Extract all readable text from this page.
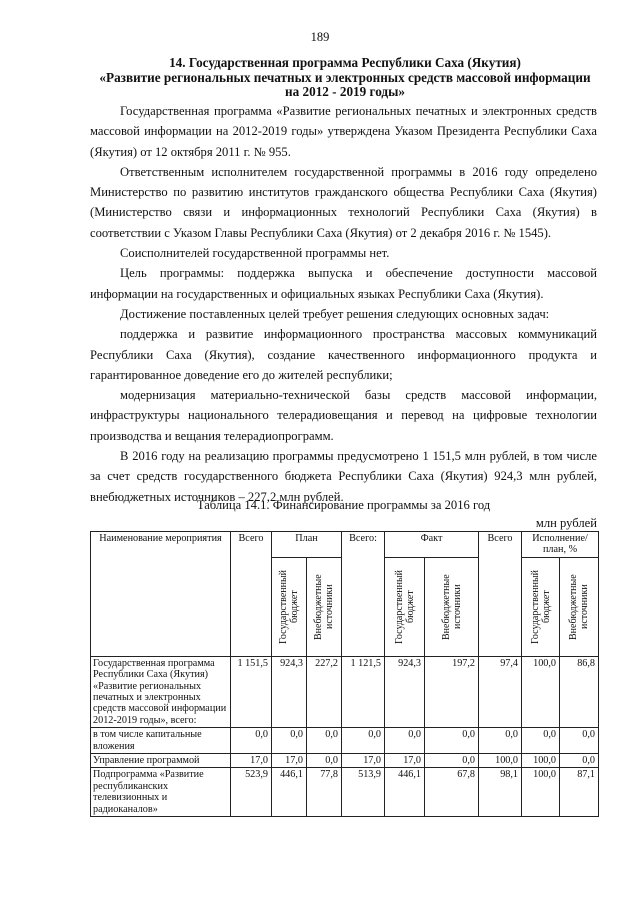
189
14. Государственная программа Республики Саха (Якутия)
«Развитие региональных печатных и электронных средств массовой информации
на 2012 - 2019 годы»

Государственная программа «Развитие региональных печатных и электронных средств массовой информации на 2012-2019 годы» утверждена Указом Президента Республики Саха (Якутия) от 12 октября 2011 г. № 955.

Ответственным исполнителем государственной программы в 2016 году определено Министерство по развитию институтов гражданского общества Республики Саха (Якутия) (Министерство связи и информационных технологий Республики Саха (Якутия) в соответствии с Указом Главы Республики Саха (Якутия) от 2 декабря 2016 г. № 1545).

Соисполнителей государственной программы нет.

Цель программы: поддержка выпуска и обеспечение доступности массовой информации на государственных и официальных языках Республики Саха (Якутия).

Достижение поставленных целей требует решения следующих основных задач:

поддержка и развитие информационного пространства массовых коммуникаций Республики Саха (Якутия), создание качественного информационного продукта и гарантированное доведение его до жителей республики;

модернизация материально-технической базы средств массовой информации, инфраструктуры национального телерадиовещания и перевод на цифровые технологии производства и вещания телерадиопрограмм.

В 2016 году на реализацию программы предусмотрено 1 151,5 млн рублей, в том числе за счет средств государственного бюджета Республики Саха (Якутия) 924,3 млн рублей, внебюджетных источников – 227,2 млн рублей.

Таблица 14.1. Финансирование программы за 2016 год
млн рублей
Наименование мероприятия	Всего	План		Всего:	Факт		Всего	Исполнение/ план, %	

		Государственный бюджет	Внебюджетные источники		Государственный бюджет	Внебюджетные источники		Государственный бюджет	Внебюджетные источники

Государственная программа Республики Саха (Якутия) «Развитие региональных печатных и электронных средств массовой информации 2012-2019 годы», всего:	1 151,5	924,3	227,2	1 121,5	924,3	197,2	97,4	100,0	86,8
в том числе капитальные вложения	0,0	0,0	0,0	0,0	0,0	0,0	0,0	0,0	0,0
Управление программой	17,0	17,0	0,0	17,0	17,0	0,0	100,0	100,0	0,0
Подпрограмма «Развитие республиканских телевизионных и радиоканалов»	523,9	446,1	77,8	513,9	446,1	67,8	98,1	100,0	87,1
